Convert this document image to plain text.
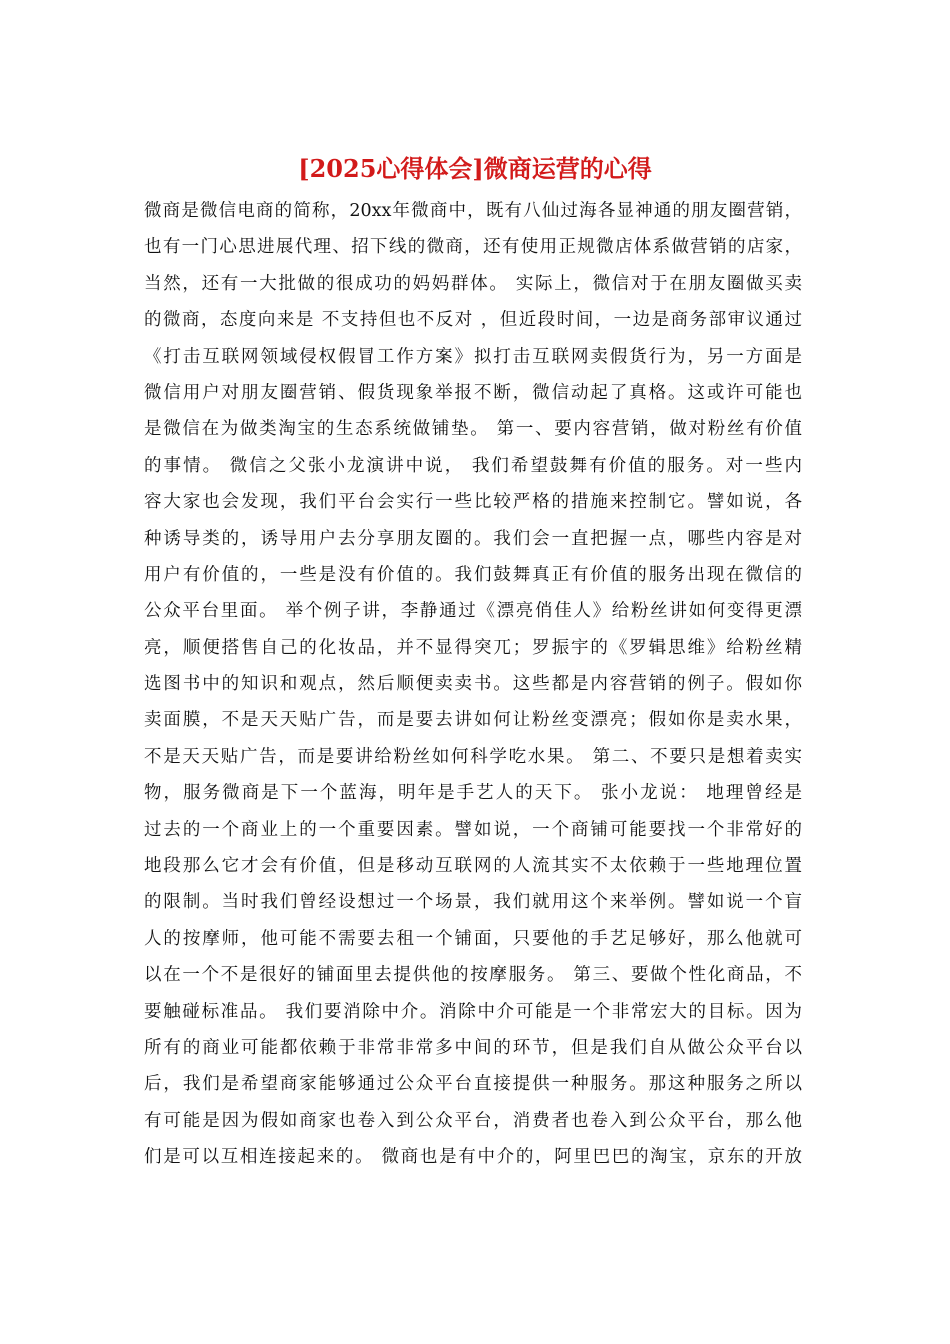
[2025心得体会]微商运营的心得
微商是微信电商的简称，20xx年微商中，既有八仙过海各显神通的朋友圈营销，
也有一门心思进展代理、招下线的微商，还有使用正规微店体系做营销的店家，
当然，还有一大批做的很成功的妈妈群体。 实际上，微信对于在朋友圈做买卖
的微商，态度向来是 不支持但也不反对 ，但近段时间，一边是商务部审议通过
《打击互联网领域侵权假冒工作方案》拟打击互联网卖假货行为，另一方面是
微信用户对朋友圈营销、假货现象举报不断，微信动起了真格。这或许可能也
是微信在为做类淘宝的生态系统做铺垫。 第一、要内容营销，做对粉丝有价值
的事情。 微信之父张小龙演讲中说， 我们希望鼓舞有价值的服务。对一些内
容大家也会发现，我们平台会实行一些比较严格的措施来控制它。譬如说，各
种诱导类的，诱导用户去分享朋友圈的。我们会一直把握一点，哪些内容是对
用户有价值的，一些是没有价值的。我们鼓舞真正有价值的服务出现在微信的
公众平台里面。 举个例子讲，李静通过《漂亮俏佳人》给粉丝讲如何变得更漂
亮，顺便搭售自己的化妆品，并不显得突兀；罗振宇的《罗辑思维》给粉丝精
选图书中的知识和观点，然后顺便卖卖书。这些都是内容营销的例子。假如你
卖面膜，不是天天贴广告，而是要去讲如何让粉丝变漂亮；假如你是卖水果，
不是天天贴广告，而是要讲给粉丝如何科学吃水果。 第二、不要只是想着卖实
物，服务微商是下一个蓝海，明年是手艺人的天下。 张小龙说： 地理曾经是
过去的一个商业上的一个重要因素。譬如说，一个商铺可能要找一个非常好的
地段那么它才会有价值，但是移动互联网的人流其实不太依赖于一些地理位置
的限制。当时我们曾经设想过一个场景，我们就用这个来举例。譬如说一个盲
人的按摩师，他可能不需要去租一个铺面，只要他的手艺足够好，那么他就可
以在一个不是很好的铺面里去提供他的按摩服务。 第三、要做个性化商品，不
要触碰标准品。 我们要消除中介。消除中介可能是一个非常宏大的目标。因为
所有的商业可能都依赖于非常非常多中间的环节，但是我们自从做公众平台以
后，我们是希望商家能够通过公众平台直接提供一种服务。那这种服务之所以
有可能是因为假如商家也卷入到公众平台，消费者也卷入到公众平台，那么他
们是可以互相连接起来的。 微商也是有中介的，阿里巴巴的淘宝，京东的开放
